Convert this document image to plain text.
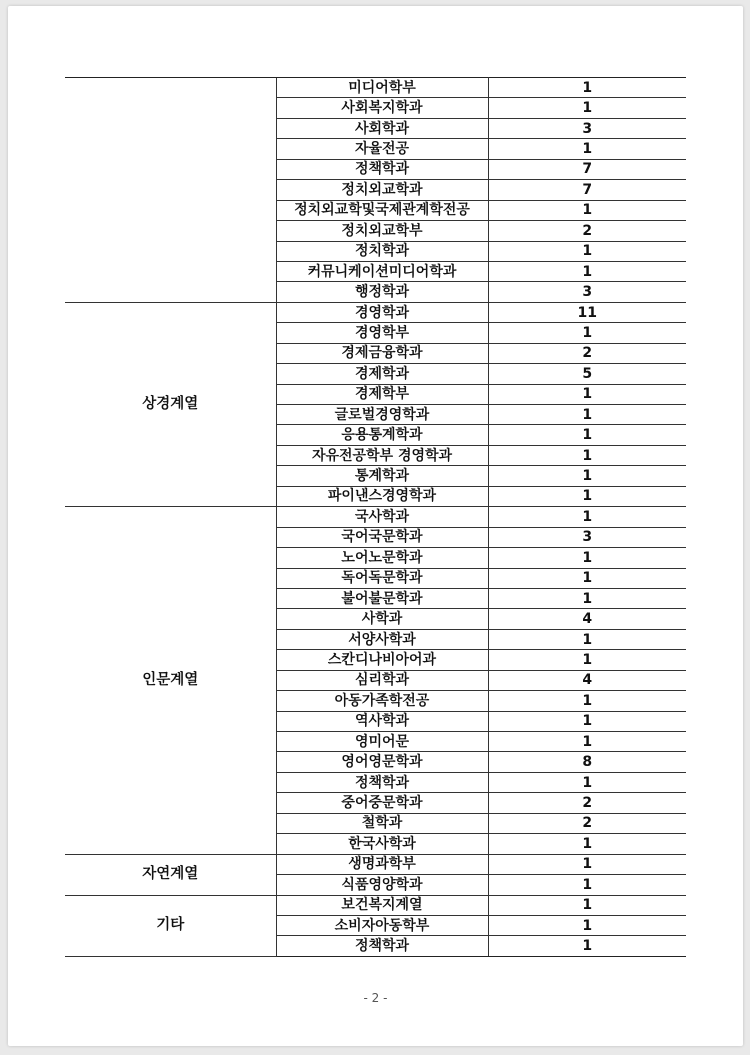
	미디어학부	1
	사회복지학과	1
	사회학과	3
	자율전공	1
	정책학과	7
	정치외교학과	7
	정치외교학및국제관계학전공	1
	정치외교학부	2
	정치학과	1
	커뮤니케이션미디어학과	1
	행정학과	3
상경계열	경영학과	11
	경영학부	1
	경제금융학과	2
	경제학과	5
	경제학부	1
	글로벌경영학과	1
	응용통계학과	1
	자유전공학부 경영학과	1
	통계학과	1
	파이낸스경영학과	1
인문계열	국사학과	1
	국어국문학과	3
	노어노문학과	1
	독어독문학과	1
	불어불문학과	1
	사학과	4
	서양사학과	1
	스칸디나비아어과	1
	심리학과	4
	아동가족학전공	1
	역사학과	1
	영미어문	1
	영어영문학과	8
	정책학과	1
	중어중문학과	2
	철학과	2
	한국사학과	1
자연계열	생명과학부	1
	식품영양학과	1
기타	보건복지계열	1
	소비자아동학부	1
	정책학과	1
- 2 -
